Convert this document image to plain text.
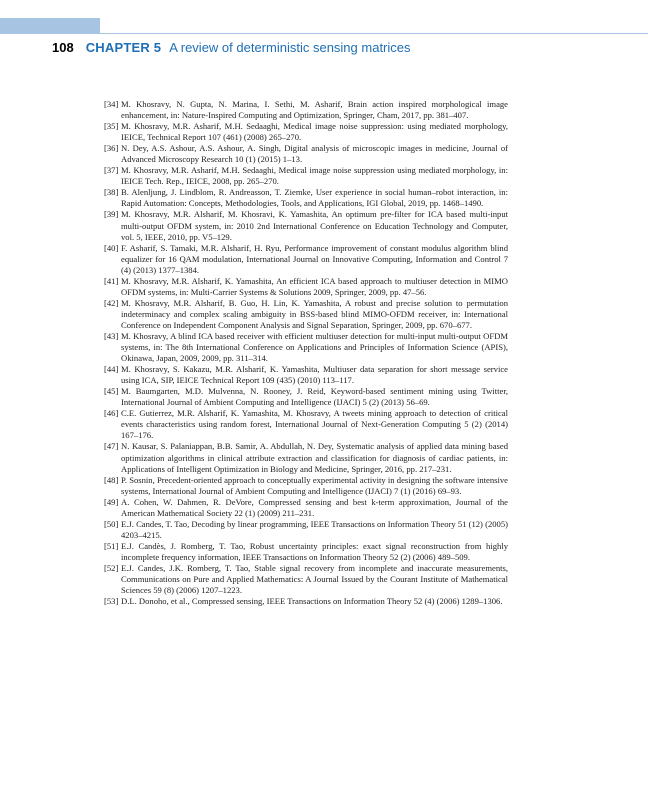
108 CHAPTER 5 A review of deterministic sensing matrices
[34] M. Khosravy, N. Gupta, N. Marina, I. Sethi, M. Asharif, Brain action inspired morphological image enhancement, in: Nature-Inspired Computing and Optimization, Springer, Cham, 2017, pp. 381–407.
[35] M. Khosravy, M.R. Asharif, M.H. Sedaaghi, Medical image noise suppression: using mediated morphology, IEICE, Technical Report 107 (461) (2008) 265–270.
[36] N. Dey, A.S. Ashour, A.S. Ashour, A. Singh, Digital analysis of microscopic images in medicine, Journal of Advanced Microscopy Research 10 (1) (2015) 1–13.
[37] M. Khosravy, M.R. Asharif, M.H. Sedaaghi, Medical image noise suppression using mediated morphology, in: IEICE Tech. Rep., IEICE, 2008, pp. 265–270.
[38] B. Alenljung, J. Lindblom, R. Andreasson, T. Ziemke, User experience in social human–robot interaction, in: Rapid Automation: Concepts, Methodologies, Tools, and Applications, IGI Global, 2019, pp. 1468–1490.
[39] M. Khosravy, M.R. Alsharif, M. Khosravi, K. Yamashita, An optimum pre-filter for ICA based multi-input multi-output OFDM system, in: 2010 2nd International Conference on Education Technology and Computer, vol. 5, IEEE, 2010, pp. V5–129.
[40] F. Asharif, S. Tamaki, M.R. Alsharif, H. Ryu, Performance improvement of constant modulus algorithm blind equalizer for 16 QAM modulation, International Journal on Innovative Computing, Information and Control 7 (4) (2013) 1377–1384.
[41] M. Khosravy, M.R. Alsharif, K. Yamashita, An efficient ICA based approach to multiuser detection in MIMO OFDM systems, in: Multi-Carrier Systems & Solutions 2009, Springer, 2009, pp. 47–56.
[42] M. Khosravy, M.R. Alsharif, B. Guo, H. Lin, K. Yamashita, A robust and precise solution to permutation indeterminacy and complex scaling ambiguity in BSS-based blind MIMO-OFDM receiver, in: International Conference on Independent Component Analysis and Signal Separation, Springer, 2009, pp. 670–677.
[43] M. Khosravy, A blind ICA based receiver with efficient multiuser detection for multi-input multi-output OFDM systems, in: The 8th International Conference on Applications and Principles of Information Science (APIS), Okinawa, Japan, 2009, 2009, pp. 311–314.
[44] M. Khosravy, S. Kakazu, M.R. Alsharif, K. Yamashita, Multiuser data separation for short message service using ICA, SIP, IEICE Technical Report 109 (435) (2010) 113–117.
[45] M. Baumgarten, M.D. Mulvenna, N. Rooney, J. Reid, Keyword-based sentiment mining using Twitter, International Journal of Ambient Computing and Intelligence (IJACI) 5 (2) (2013) 56–69.
[46] C.E. Gutierrez, M.R. Alsharif, K. Yamashita, M. Khosravy, A tweets mining approach to detection of critical events characteristics using random forest, International Journal of Next-Generation Computing 5 (2) (2014) 167–176.
[47] N. Kausar, S. Palaniappan, B.B. Samir, A. Abdullah, N. Dey, Systematic analysis of applied data mining based optimization algorithms in clinical attribute extraction and classification for diagnosis of cardiac patients, in: Applications of Intelligent Optimization in Biology and Medicine, Springer, 2016, pp. 217–231.
[48] P. Sosnin, Precedent-oriented approach to conceptually experimental activity in designing the software intensive systems, International Journal of Ambient Computing and Intelligence (IJACI) 7 (1) (2016) 69–93.
[49] A. Cohen, W. Dahmen, R. DeVore, Compressed sensing and best k-term approximation, Journal of the American Mathematical Society 22 (1) (2009) 211–231.
[50] E.J. Candes, T. Tao, Decoding by linear programming, IEEE Transactions on Information Theory 51 (12) (2005) 4203–4215.
[51] E.J. Candès, J. Romberg, T. Tao, Robust uncertainty principles: exact signal reconstruction from highly incomplete frequency information, IEEE Transactions on Information Theory 52 (2) (2006) 489–509.
[52] E.J. Candes, J.K. Romberg, T. Tao, Stable signal recovery from incomplete and inaccurate measurements, Communications on Pure and Applied Mathematics: A Journal Issued by the Courant Institute of Mathematical Sciences 59 (8) (2006) 1207–1223.
[53] D.L. Donoho, et al., Compressed sensing, IEEE Transactions on Information Theory 52 (4) (2006) 1289–1306.
